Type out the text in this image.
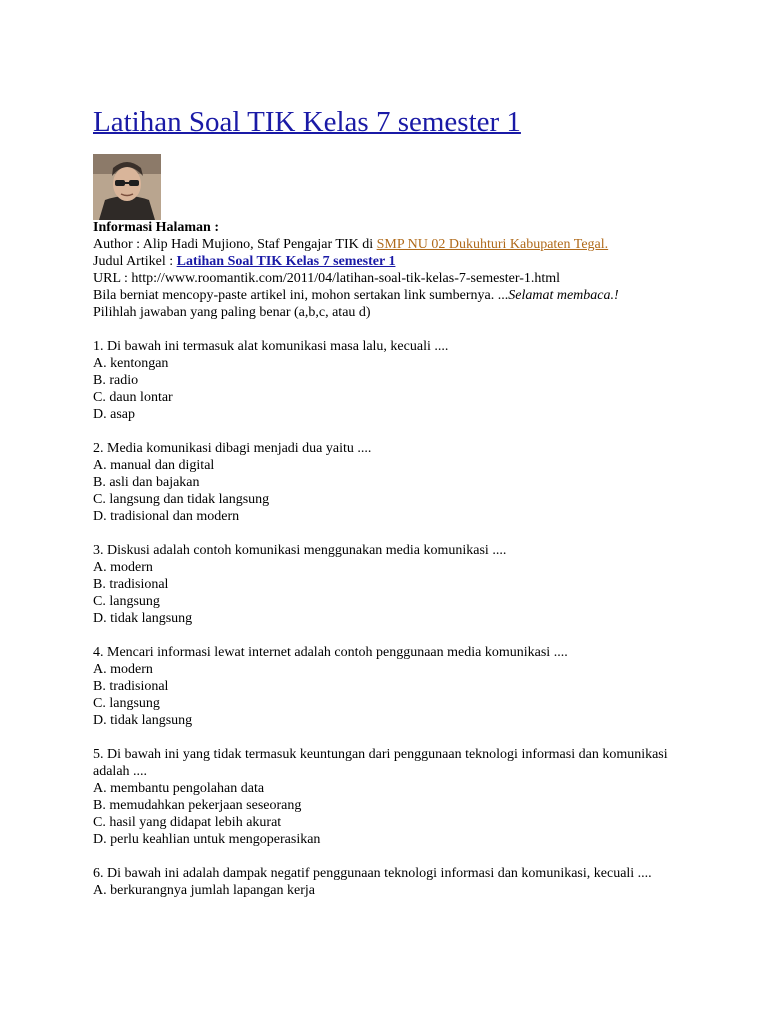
Latihan Soal TIK Kelas 7 semester 1

Informasi Halaman :

Author : Alip Hadi Mujiono, Staf Pengajar TIK di SMP NU 02 Dukuhturi Kabupaten Tegal.

Judul Artikel : Latihan Soal TIK Kelas 7 semester 1

URL : http://www.roomantik.com/2011/04/latihan-soal-tik-kelas-7-semester-1.html

Bila berniat mencopy-paste artikel ini, mohon sertakan link sumbernya. ...Selamat membaca.!

Pilihlah jawaban yang paling benar (a,b,c, atau d)

1. Di bawah ini termasuk alat komunikasi masa lalu, kecuali ....

A. kentongan
B. radio
C. daun lontar
D. asap

2. Media komunikasi dibagi menjadi dua yaitu ....

A. manual dan digital
B. asli dan bajakan
C. langsung dan tidak langsung
D. tradisional dan modern

3. Diskusi adalah contoh komunikasi menggunakan media komunikasi ....

A. modern
B. tradisional
C. langsung
D. tidak langsung

4. Mencari informasi lewat internet adalah contoh penggunaan media komunikasi ....

A. modern
B. tradisional
C. langsung
D. tidak langsung

5. Di bawah ini yang tidak termasuk keuntungan dari penggunaan teknologi informasi dan komunikasi adalah ....

A. membantu pengolahan data
B. memudahkan pekerjaan seseorang
C. hasil yang didapat lebih akurat
D. perlu keahlian untuk mengoperasikan

6. Di bawah ini adalah dampak negatif penggunaan teknologi informasi dan komunikasi, kecuali ....

A. berkurangnya jumlah lapangan kerja
